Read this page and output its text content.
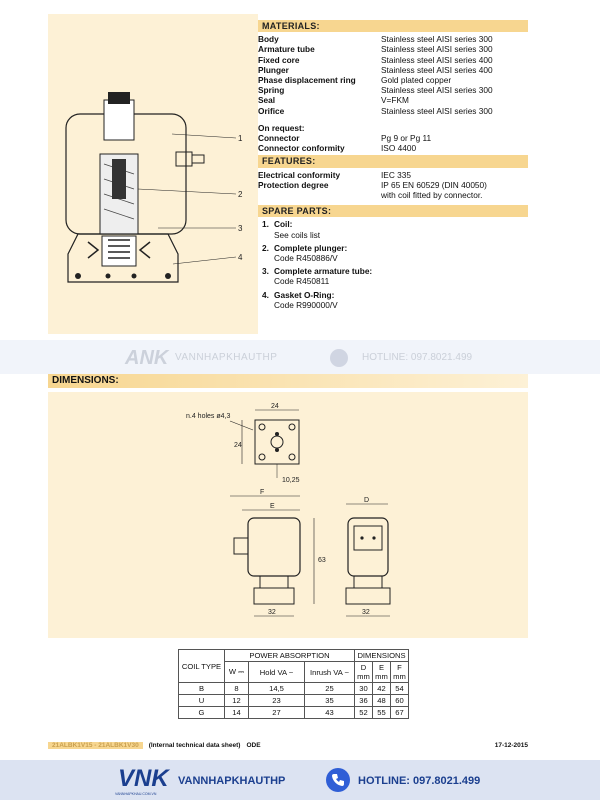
1
2
3
4
MATERIALS:
Body	Stainless steel AISI series 300
Armature tube	Stainless steel AISI series 300
Fixed core	Stainless steel AISI series 400
Plunger	Stainless steel AISI series 400
Phase displacement ring	Gold plated copper
Spring	Stainless steel AISI series 300
Seal	V=FKM
Orifice	Stainless steel AISI series 300
On request:
Connector	Pg 9 or Pg 11
Connector conformity	ISO 4400
FEATURES:
Electrical conformity	IEC 335
Protection degree	IP 65 EN 60529 (DIN 40050)
with coil fitted by connector.
SPARE PARTS:
1. Coil:
See coils list
2. Complete plunger:
Code R450886/V
3. Complete armature tube:
Code R450811
4. Gasket O-Ring:
Code R990000/V
ANK VANNHAPKHAUTHP	HOTLINE: 097.8021.499
DIMENSIONS:
n.4 holes ø4,3
24
24
10,25
F
E
32
63
D
32
COIL TYPE	POWER ABSORPTION			DIMENSIONS		
	W ⎓	Hold VA ~	Inrush VA ~	D mm	E mm	F mm
B	8	14,5	25	30	42	54
U	12	23	35	36	48	60
G	14	27	43	52	55	67
21ALBK1V15 - 21ALBK1V30	(Internal technical data sheet) ODE	17-12-2015
VNK
VANNHAPKHAU.COM.VN
VANNHAPKHAUTHP	HOTLINE: 097.8021.499
